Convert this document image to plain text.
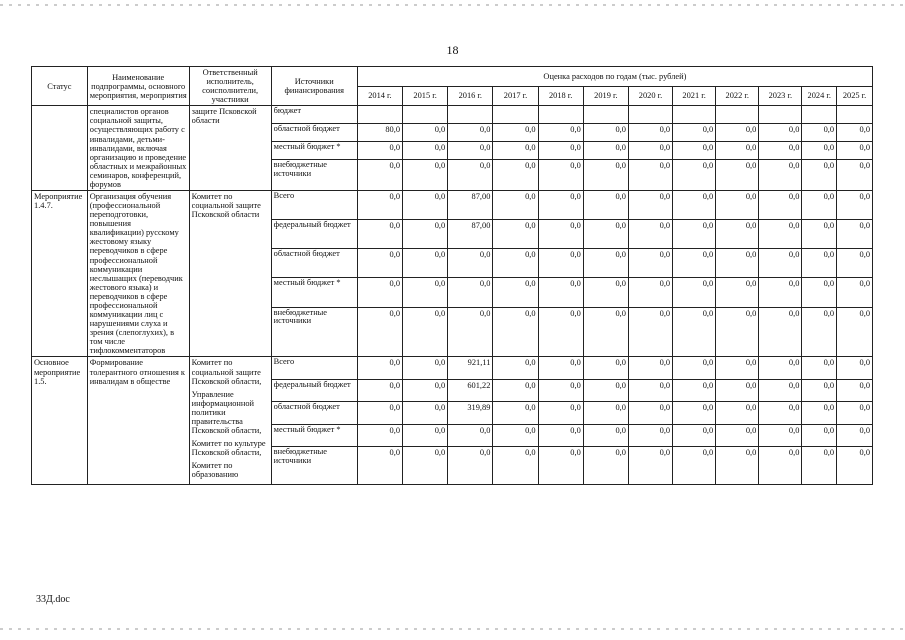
18
Статус	Наименование подпрограммы, основного мероприятия, мероприятия	Ответственный исполнитель, соисполнители, участники	Источники финансирования	Оценка расходов по годам (тыс. рублей)											
				2014 г.	2015 г.	2016 г.	2017 г.	2018 г.	2019 г.	2020 г.	2021 г.	2022 г.	2023 г.	2024 г.	2025 г.
	специалистов органов социальной защиты, осуществляющих работу с инвалидами, детьми-инвалидами, включая организацию и проведение областных и межрайонных семинаров, конференций, форумов	защите Псковской области	бюджет												
			областной бюджет	80,0	0,0	0,0	0,0	0,0	0,0	0,0	0,0	0,0	0,0	0,0	0,0
			местный бюджет *	0,0	0,0	0,0	0,0	0,0	0,0	0,0	0,0	0,0	0,0	0,0	0,0
			внебюджетные источники	0,0	0,0	0,0	0,0	0,0	0,0	0,0	0,0	0,0	0,0	0,0	0,0
Мероприятие 1.4.7.	Организация обучения (профессиональной переподготовки, повышения квалификации) русскому жестовому языку переводчиков в сфере профессиональной коммуникации неслышащих (переводчик жестового языка) и переводчиков в сфере профессиональной коммуникации лиц с нарушениями слуха и зрения (слепоглухих), в том числе тифлокомментаторов	Комитет по социальной защите Псковской области	Всего	0,0	0,0	87,00	0,0	0,0	0,0	0,0	0,0	0,0	0,0	0,0	0,0
			федеральный бюджет	0,0	0,0	87,00	0,0	0,0	0,0	0,0	0,0	0,0	0,0	0,0	0,0
			областной бюджет	0,0	0,0	0,0	0,0	0,0	0,0	0,0	0,0	0,0	0,0	0,0	0,0
			местный бюджет *	0,0	0,0	0,0	0,0	0,0	0,0	0,0	0,0	0,0	0,0	0,0	0,0
			внебюджетные источники	0,0	0,0	0,0	0,0	0,0	0,0	0,0	0,0	0,0	0,0	0,0	0,0
Основное мероприятие 1.5.	Формирование толерантного отношения к инвалидам в обществе	Комитет по социальной защите Псковской области,
Управление информационной политики правительства Псковской области,
Комитет по культуре Псковской области,
Комитет по образованию	Всего	0,0	0,0	921,11	0,0	0,0	0,0	0,0	0,0	0,0	0,0	0,0	0,0
			федеральный бюджет	0,0	0,0	601,22	0,0	0,0	0,0	0,0	0,0	0,0	0,0	0,0	0,0
			областной бюджет	0,0	0,0	319,89	0,0	0,0	0,0	0,0	0,0	0,0	0,0	0,0	0,0
			местный бюджет *	0,0	0,0	0,0	0,0	0,0	0,0	0,0	0,0	0,0	0,0	0,0	0,0
			внебюджетные источники	0,0	0,0	0,0	0,0	0,0	0,0	0,0	0,0	0,0	0,0	0,0	0,0
33Д.doc
